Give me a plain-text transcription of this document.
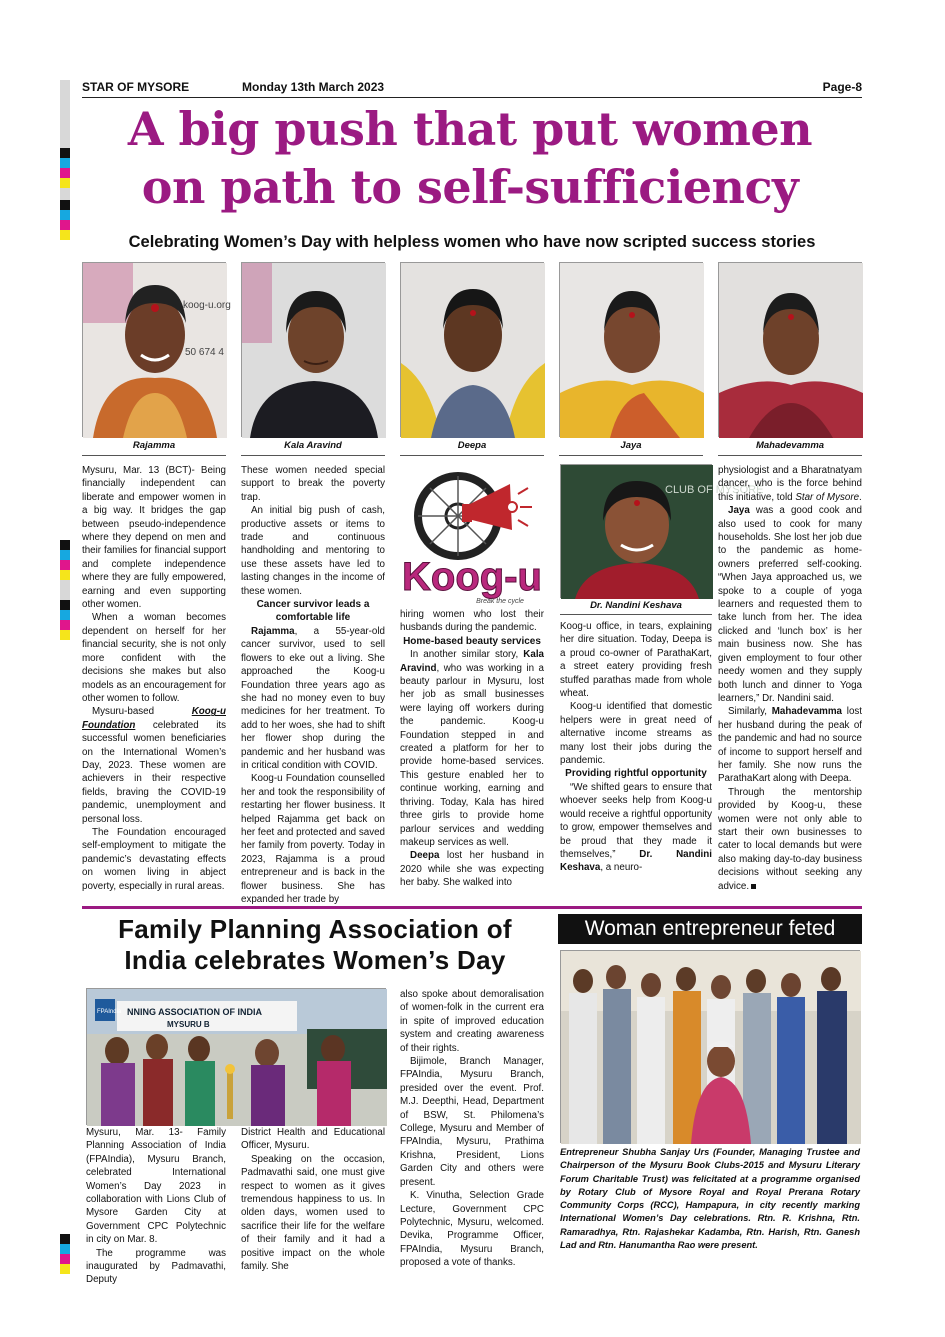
STAR OF MYSORE	Monday 13th March 2023	Page-8
A big push that put women
on path to self-sufficiency
Celebrating Women’s Day with helpless women who have now scripted success stories
koog-u.org
50 674 4
Rajamma	Kala Aravind	Deepa	Jaya	Mahadevamma

Mysuru, Mar. 13 (BCT)- Being financially independent can liberate and empower women in a big way. It bridges the gap between pseudo-independence where they depend on men and their families for financial support and complete independence where they are fully empowered, earning and even supporting other women.

When a woman becomes dependent on herself for her financial security, she is not only more confident with the decisions she makes but also models as an encouragement for other women to follow.

Mysuru-based Koog-u Foundation celebrated its successful women beneficiaries on the International Women’s Day, 2023. These women are achievers in their respective fields, braving the COVID-19 pandemic, unemployment and personal loss.

The Foundation encouraged self-employment to mitigate the pandemic’s devastating effects on women living in abject poverty, especially in rural areas.

These women needed special support to break the poverty trap.

An initial big push of cash, productive assets or items to trade and continuous handholding and mentoring to use these assets have led to lasting changes in the income of these women.

Cancer survivor leads a comfortable life

Rajamma, a 55-year-old cancer survivor, used to sell flowers to eke out a living. She approached the Koog-u Foundation three years ago as she had no money even to buy medicines for her treatment. To add to her woes, she had to shift her flower shop during the pandemic and her husband was in critical condition with COVID.

Koog-u Foundation counselled her and took the responsibility of restarting her flower business. It helped Rajamma get back on her feet and protected and saved her family from poverty. Today in 2023, Rajamma is a proud entrepreneur and is back in the flower business. She has expanded her trade by

Koog-u
Break the cycle

hiring women who lost their husbands during the pandemic.

Home-based beauty services

In another similar story, Kala Aravind, who was working in a beauty parlour in Mysuru, lost her job as small businesses were laying off workers during the pandemic. Koog-u Foundation stepped in and created a platform for her to provide home-based services. This gesture enabled her to continue working, earning and thriving. Today, Kala has hired three girls to provide home parlour services and wedding makeup services as well.

Deepa lost her husband in 2020 while she was expecting her baby. She walked into

CLUB OF MYSORE
Dr. Nandini Keshava

Koog-u office, in tears, explaining her dire situation. Today, Deepa is a proud co-owner of ParathaKart, a street eatery providing fresh stuffed parathas made from whole wheat.

Koog-u identified that domestic helpers were in great need of alternative income streams as many lost their jobs during the pandemic.

Providing rightful opportunity

“We shifted gears to ensure that whoever seeks help from Koog-u would receive a rightful opportunity to grow, empower themselves and be proud that they made it themselves,” Dr. Nandini Keshava, a neuro-

physiologist and a Bharatnatyam dancer, who is the force behind this initiative, told Star of Mysore.

Jaya was a good cook and also used to cook for many households. She lost her job due to the pandemic as home-owners preferred self-cooking. “When Jaya approached us, we spoke to a couple of yoga learners and requested them to take lunch from her. The idea clicked and ‘lunch box’ is her main business now. She has given employment to four other needy women and they supply both lunch and dinner to Yoga learners,” Dr. Nandini said.

Similarly, Mahadevamma lost her husband during the peak of the pandemic and had no source of income to support herself and her family. She now runs the ParathaKart along with Deepa.

Through the mentorship provided by Koog-u, these women were not only able to start their own businesses to cater to local demands but were also making day-to-day business decisions without seeking any advice.

Family Planning Association of
India celebrates Women’s Day
FPAIndia NNING ASSOCIATION OF INDIA
MYSURU B

also spoke about demoralisation of women-folk in the current era in spite of improved education system and creating awareness of their rights.

Bijimole, Branch Manager, FPAIndia, Mysuru Branch, presided over the event. Prof. M.J. Deepthi, Head, Department of BSW, St. Philomena’s College, Mysuru and Member of FPAIndia, Mysuru, Prathima Krishna, President, Lions Garden City and others were present.

K. Vinutha, Selection Grade Lecture, Government CPC Polytechnic, Mysuru, welcomed. Devika, Programme Officer, FPAIndia, Mysuru Branch, proposed a vote of thanks.

Mysuru, Mar. 13- Family Planning Association of India (FPAIndia), Mysuru Branch, celebrated International Women’s Day 2023 in collaboration with Lions Club of Mysore Garden City at Government CPC Polytechnic in city on Mar. 8.

The programme was inaugurated by Padmavathi, Deputy

District Health and Educational Officer, Mysuru.

Speaking on the occasion, Padmavathi said, one must give respect to women as it gives tremendous happiness to us. In olden days, women used to sacrifice their life for the welfare of their family and it had a positive impact on the whole family. She

Woman entrepreneur feted
Entrepreneur Shubha Sanjay Urs (Founder, Managing Trustee and Chairperson of the Mysuru Book Clubs-2015 and Mysuru Literary Forum Charitable Trust) was felicitated at a programme organised by Rotary Club of Mysore Royal and Royal Prerana Rotary Community Corps (RCC), Hampapura, in city recently marking International Women’s Day celebrations. Rtn. R. Krishna, Rtn. Ramaradhya, Rtn. Rajashekar Kadamba, Rtn. Harish, Rtn. Ganesh Lad and Rtn. Hanumantha Rao were present.
